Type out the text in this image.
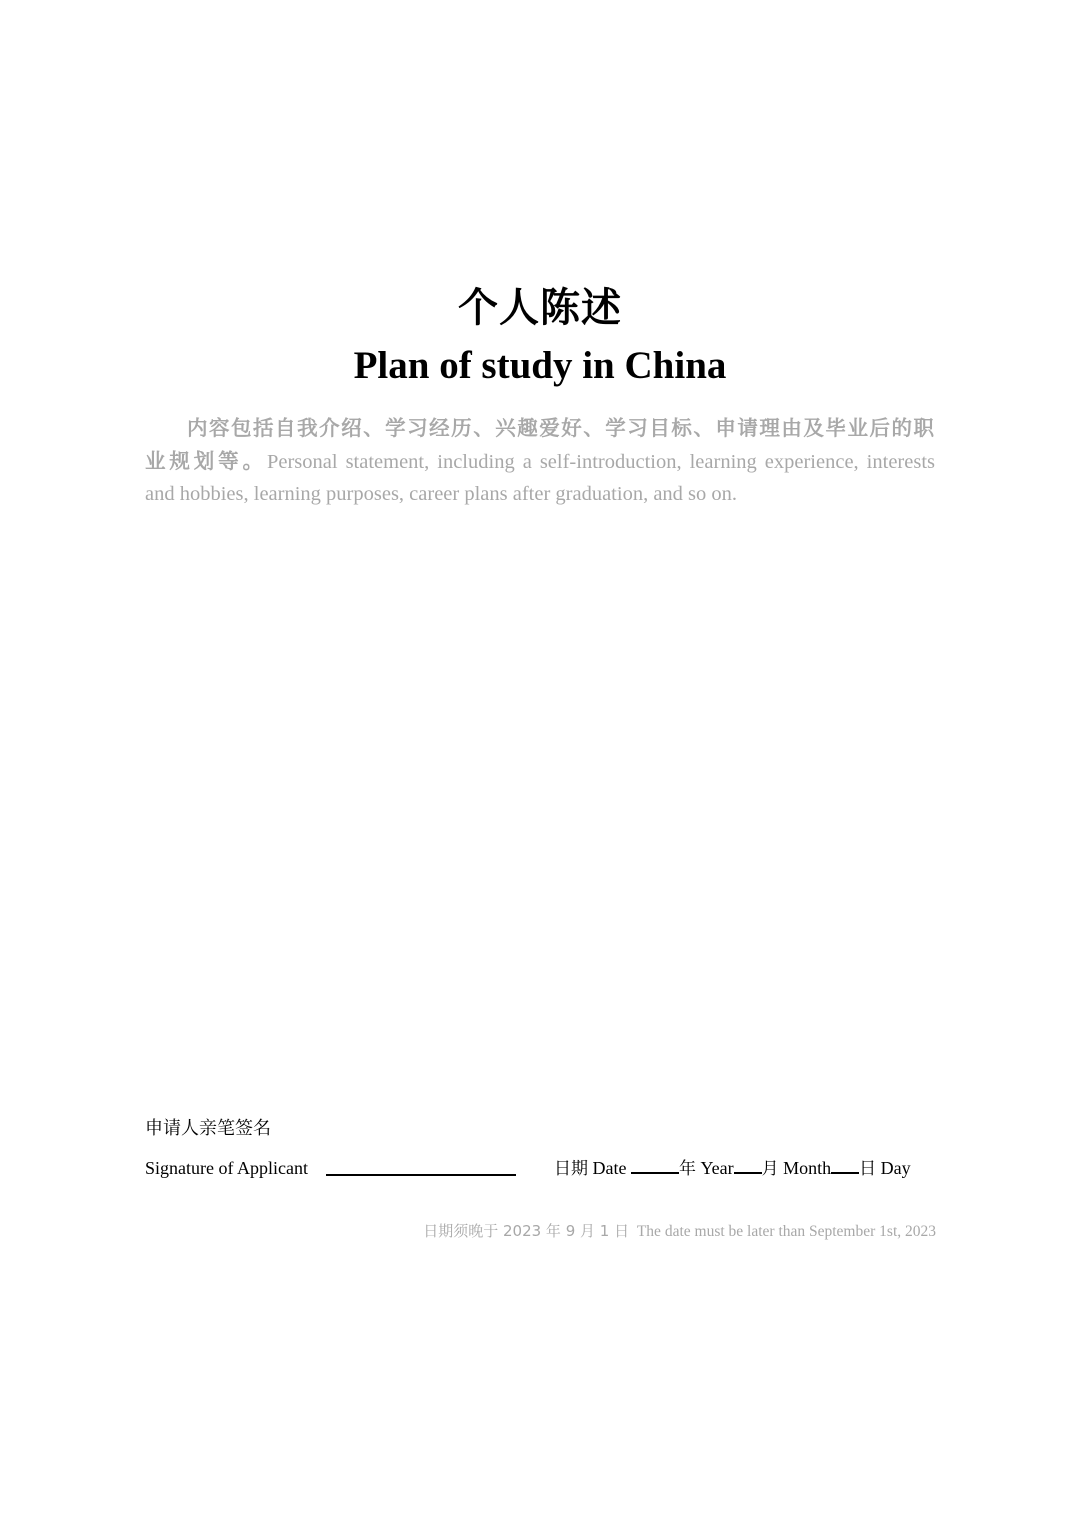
个人陈述
Plan of study in China
内容包括自我介绍、学习经历、兴趣爱好、学习目标、申请理由及毕业后的职业规划等。Personal statement, including a self-introduction, learning experience, interests and hobbies, learning purposes, career plans after graduation, and so on.
申请人亲笔签名
Signature of Applicant	日期 Date	年 Year 月 Month 日 Day
日期须晚于 2023 年 9 月 1 日 The date must be later than September 1st, 2023
